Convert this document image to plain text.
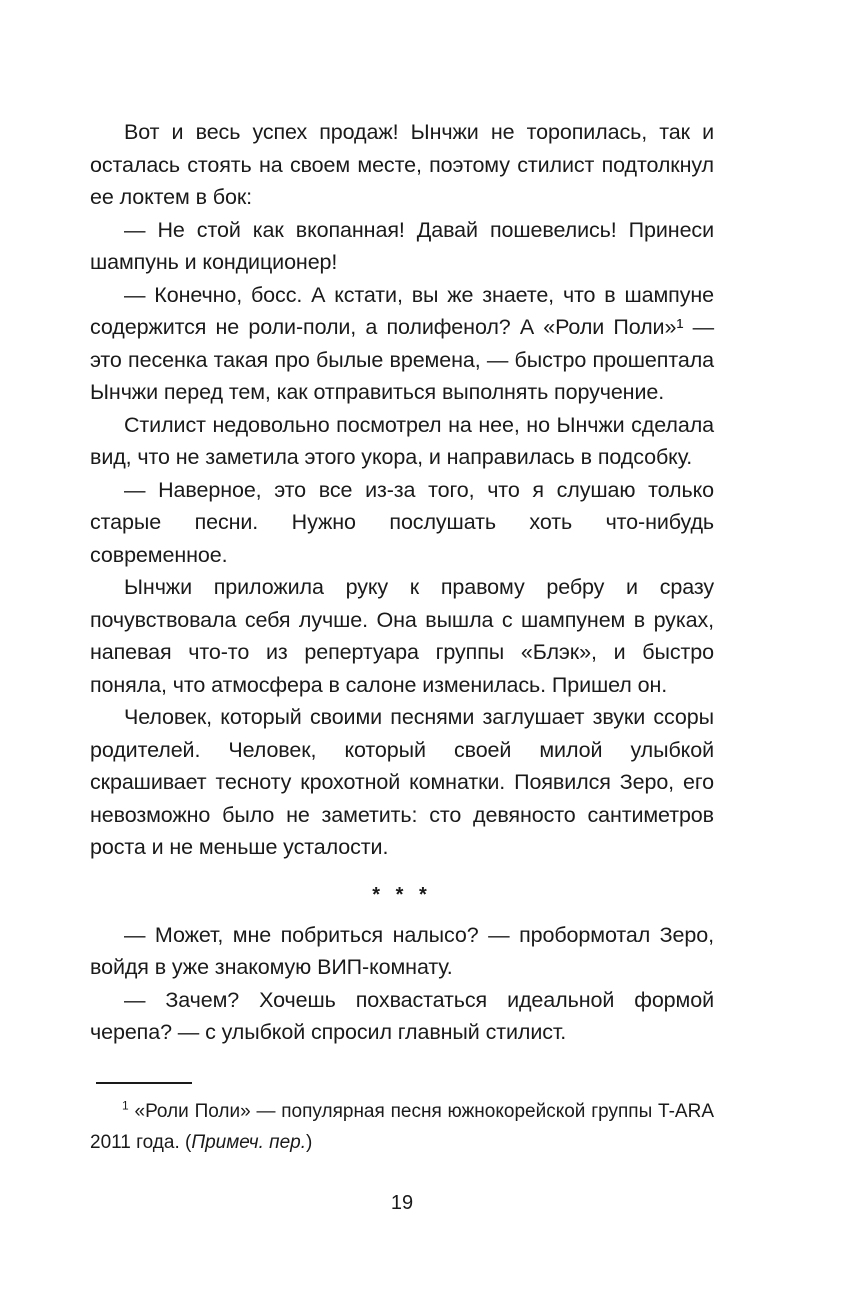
Вот и весь успех продаж! Ынчжи не торопилась, так и осталась стоять на своем месте, поэтому стилист подтолкнул ее локтем в бок:

— Не стой как вкопанная! Давай пошевелись! Принеси шампунь и кондиционер!

— Конечно, босс. А кстати, вы же знаете, что в шампуне содержится не роли-поли, а полифенол? А «Роли Поли»¹ — это песенка такая про былые времена, — быстро прошептала Ынчжи перед тем, как отправиться выполнять поручение.

Стилист недовольно посмотрел на нее, но Ынчжи сделала вид, что не заметила этого укора, и направилась в подсобку.

— Наверное, это все из-за того, что я слушаю только старые песни. Нужно послушать хоть что-нибудь современное.

Ынчжи приложила руку к правому ребру и сразу почувствовала себя лучше. Она вышла с шампунем в руках, напевая что-то из репертуара группы «Блэк», и быстро поняла, что атмосфера в салоне изменилась. Пришел он.

Человек, который своими песнями заглушает звуки ссоры родителей. Человек, который своей милой улыбкой скрашивает тесноту крохотной комнатки. Появился Зеро, его невозможно было не заметить: сто девяносто сантиметров роста и не меньше усталости.

* * *

— Может, мне побриться налысо? — пробормотал Зеро, войдя в уже знакомую ВИП-комнату.

— Зачем? Хочешь похвастаться идеальной формой черепа? — с улыбкой спросил главный стилист.

$^1$ «Роли Поли» — популярная песня южнокорейской группы T-ARA 2011 года. (Примеч. пер.)

19
